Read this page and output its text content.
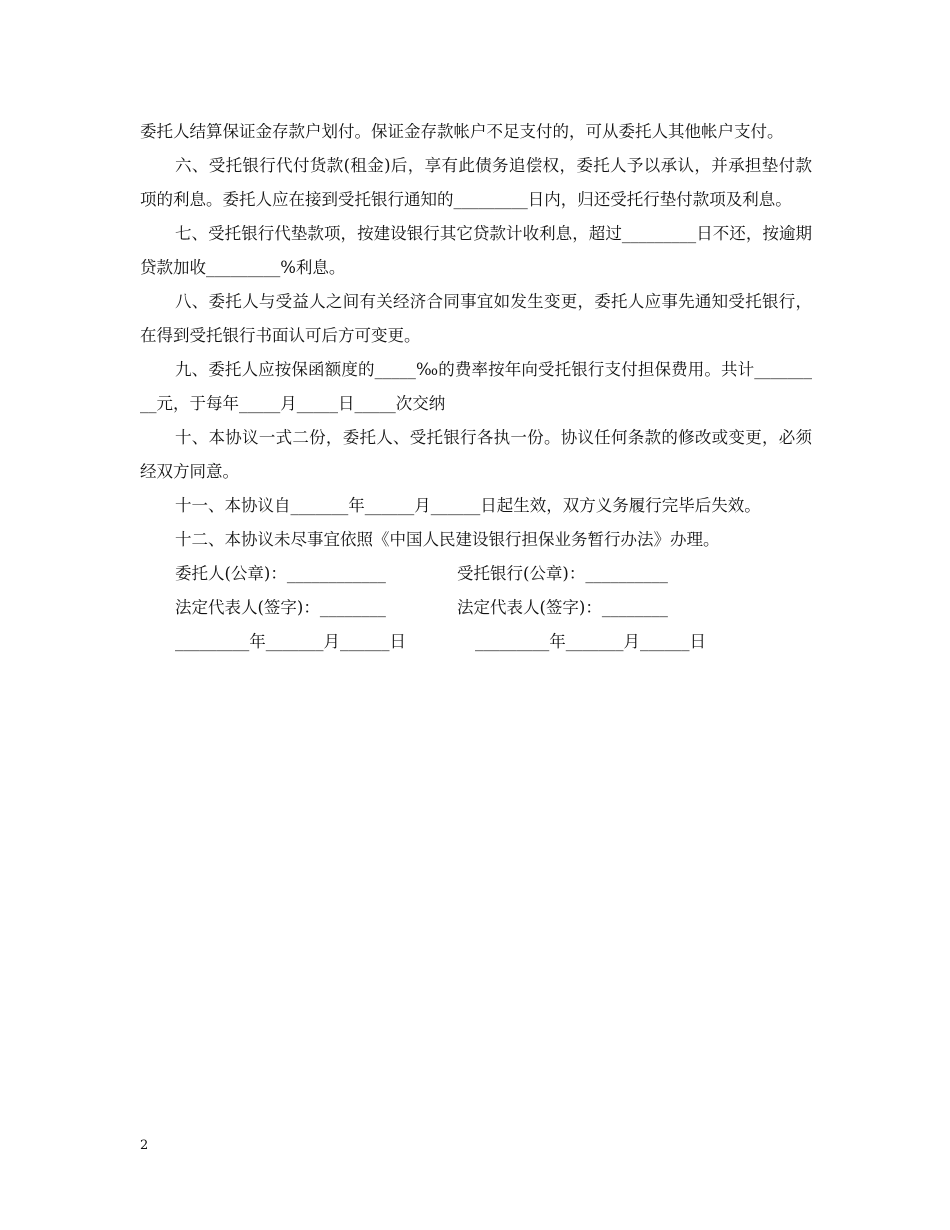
委托人结算保证金存款户划付。保证金存款帐户不足支付的，可从委托人其他帐户支付。

六、受托银行代付货款(租金)后，享有此债务追偿权，委托人予以承认，并承担垫付款项的利息。委托人应在接到受托银行通知的_________日内，归还受托行垫付款项及利息。

七、受托银行代垫款项，按建设银行其它贷款计收利息，超过_________日不还，按逾期贷款加收_________%利息。

八、委托人与受益人之间有关经济合同事宜如发生变更，委托人应事先通知受托银行，在得到受托银行书面认可后方可变更。

九、委托人应按保函额度的_____‰的费率按年向受托银行支付担保费用。共计_________元，于每年_____月_____日_____次交纳

十、本协议一式二份，委托人、受托银行各执一份。协议任何条款的修改或变更，必须经双方同意。

十一、本协议自_______年______月______日起生效，双方义务履行完毕后失效。

十二、本协议未尽事宜依照《中国人民建设银行担保业务暂行办法》办理。

委托人(公章)：____________	受托银行(公章)：__________
法定代表人(签字)：________	法定代表人(签字)：________
_________年_______月______日	_________年_______月______日
2
